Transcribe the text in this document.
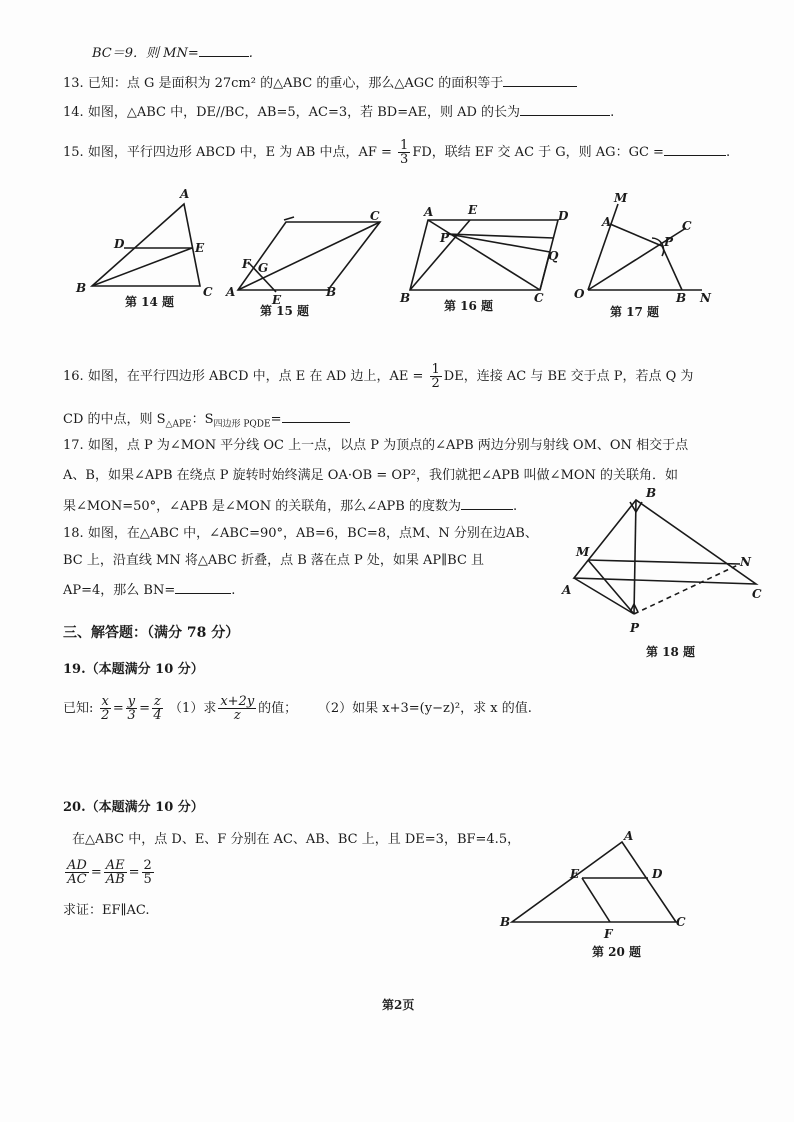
BC＝9．则 MN=	.
13. 已知：点 G 是面积为 27cm² 的△ABC 的重心，那么△AGC 的面积等于
14. 如图，△ABC 中，DE//BC，AB=5，AC=3，若 BD=AE，则 AD 的长为	.
15. 如图，平行四边形 ABCD 中，E 为 AB 中点，AF = $\frac{1}{3}$ FD，联结 EF 交 AC 于 G，则 AG：GC =	.
A
D	E
B	C
第 14 题
C
A	B
F G
E
第 15 题
A	E	D
P
Q
B	C
第 16 题
M
A	C
P
O	B N
第 17 题
16. 如图，在平行四边形 ABCD 中，点 E 在 AD 边上，AE = $\frac{1}{2}$ DE，连接 AC 与 BE 交于点 P，若点 Q 为
CD 的中点，则 $S_{\triangle APE}$：$S_{四边形 PQDE}=$
17. 如图，点 P 为∠MON 平分线 OC 上一点，以点 P 为顶点的∠APB 两边分别与射线 OM、ON 相交于点
A、B，如果∠APB 在绕点 P 旋转时始终满足 OA·OB = OP²，我们就把∠APB 叫做∠MON 的关联角．如
果∠MON=50°，∠APB 是∠MON 的关联角，那么∠APB 的度数为	.
18. 如图，在△ABC 中，∠ABC=90°，AB=6，BC=8，点M、N 分别在边AB、
BC 上，沿直线 MN 将△ABC 折叠，点 B 落在点 P 处，如果 AP∥BC 且
AP=4，那么 BN=	.
B
M
N
A	C
P
第 18 题
三、解答题：（满分 78 分）
19.（本题满分 10 分）
已知: $\frac{x}{2} = \frac{y}{3} = \frac{z}{4} (1)$求 $\frac{x+2y}{z}$ 的值； （2）如果 x+3=(y−z)²，求 x 的值.
20.（本题满分 10 分）
在△ABC 中，点 D、E、F 分别在 AC、AB、BC 上，且 DE=3，BF=4.5，
$\frac{AD}{AC} = \frac{AE}{AB} = \frac{2}{5}$
求证：EF∥AC.
A
E	D
B	C
F
第 20 题
第2页
